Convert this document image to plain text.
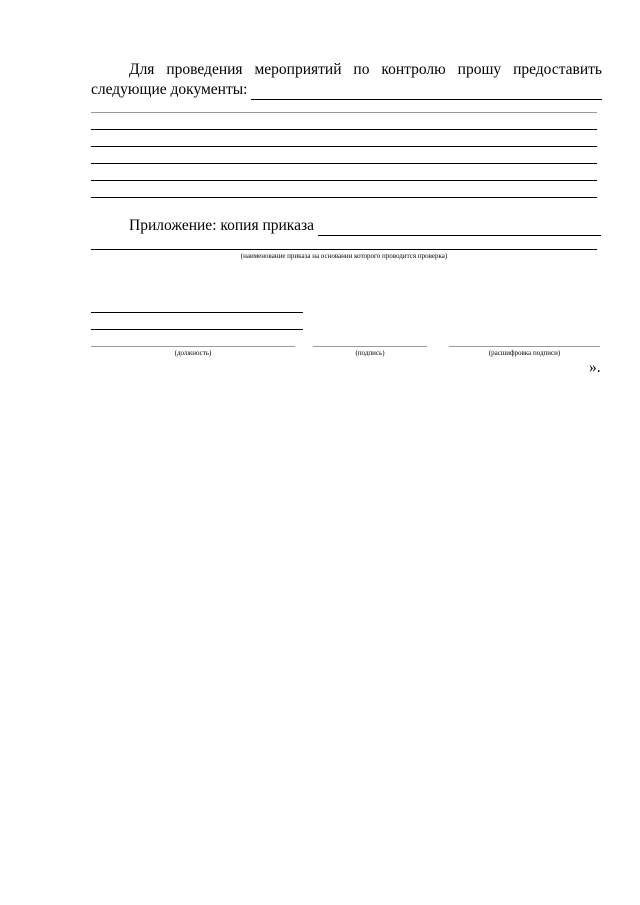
Для проведения мероприятий по контролю прошу предоставить
следующие документы:
Приложение: копия приказа
(наименование приказа на основании которого проводится проверка)
(должность)	(подпись)	(расшифровка подписи)
».
